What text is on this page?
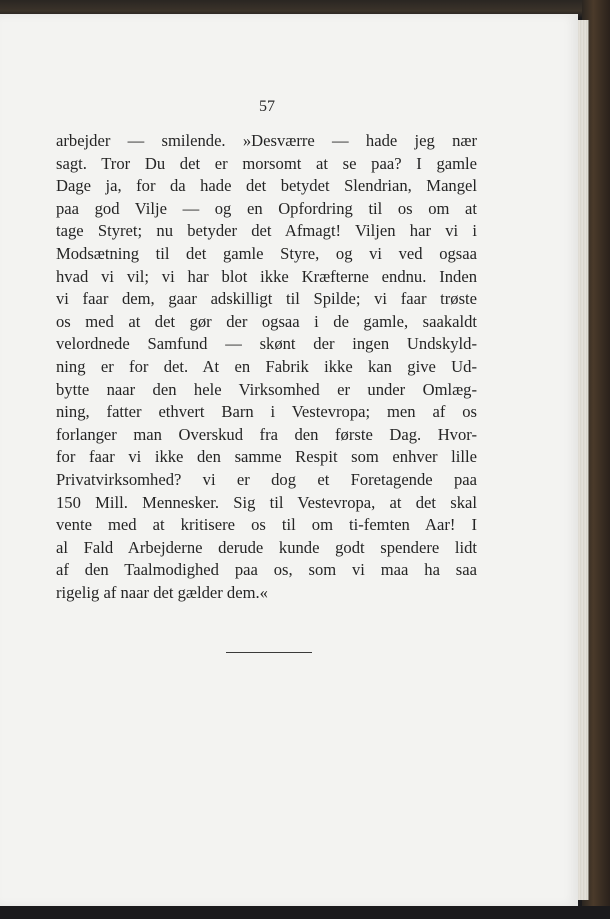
57
arbejder — smilende. »Desværre — hade jeg nær
sagt. Tror Du det er morsomt at se paa? I gamle
Dage ja, for da hade det betydet Slendrian, Mangel
paa god Vilje — og en Opfordring til os om at
tage Styret; nu betyder det Afmagt! Viljen har vi i
Modsætning til det gamle Styre, og vi ved ogsaa
hvad vi vil; vi har blot ikke Kræfterne endnu. Inden
vi faar dem, gaar adskilligt til Spilde; vi faar trøste
os med at det gør der ogsaa i de gamle, saakaldt
velordnede Samfund — skønt der ingen Undskyld-
ning er for det. At en Fabrik ikke kan give Ud-
bytte naar den hele Virksomhed er under Omlæg-
ning, fatter ethvert Barn i Vestevropa; men af os
forlanger man Overskud fra den første Dag. Hvor-
for faar vi ikke den samme Respit som enhver lille
Privatvirksomhed? vi er dog et Foretagende paa
150 Mill. Mennesker. Sig til Vestevropa, at det skal
vente med at kritisere os til om ti-femten Aar! I
al Fald Arbejderne derude kunde godt spendere lidt
af den Taalmodighed paa os, som vi maa ha saa
rigelig af naar det gælder dem.«
